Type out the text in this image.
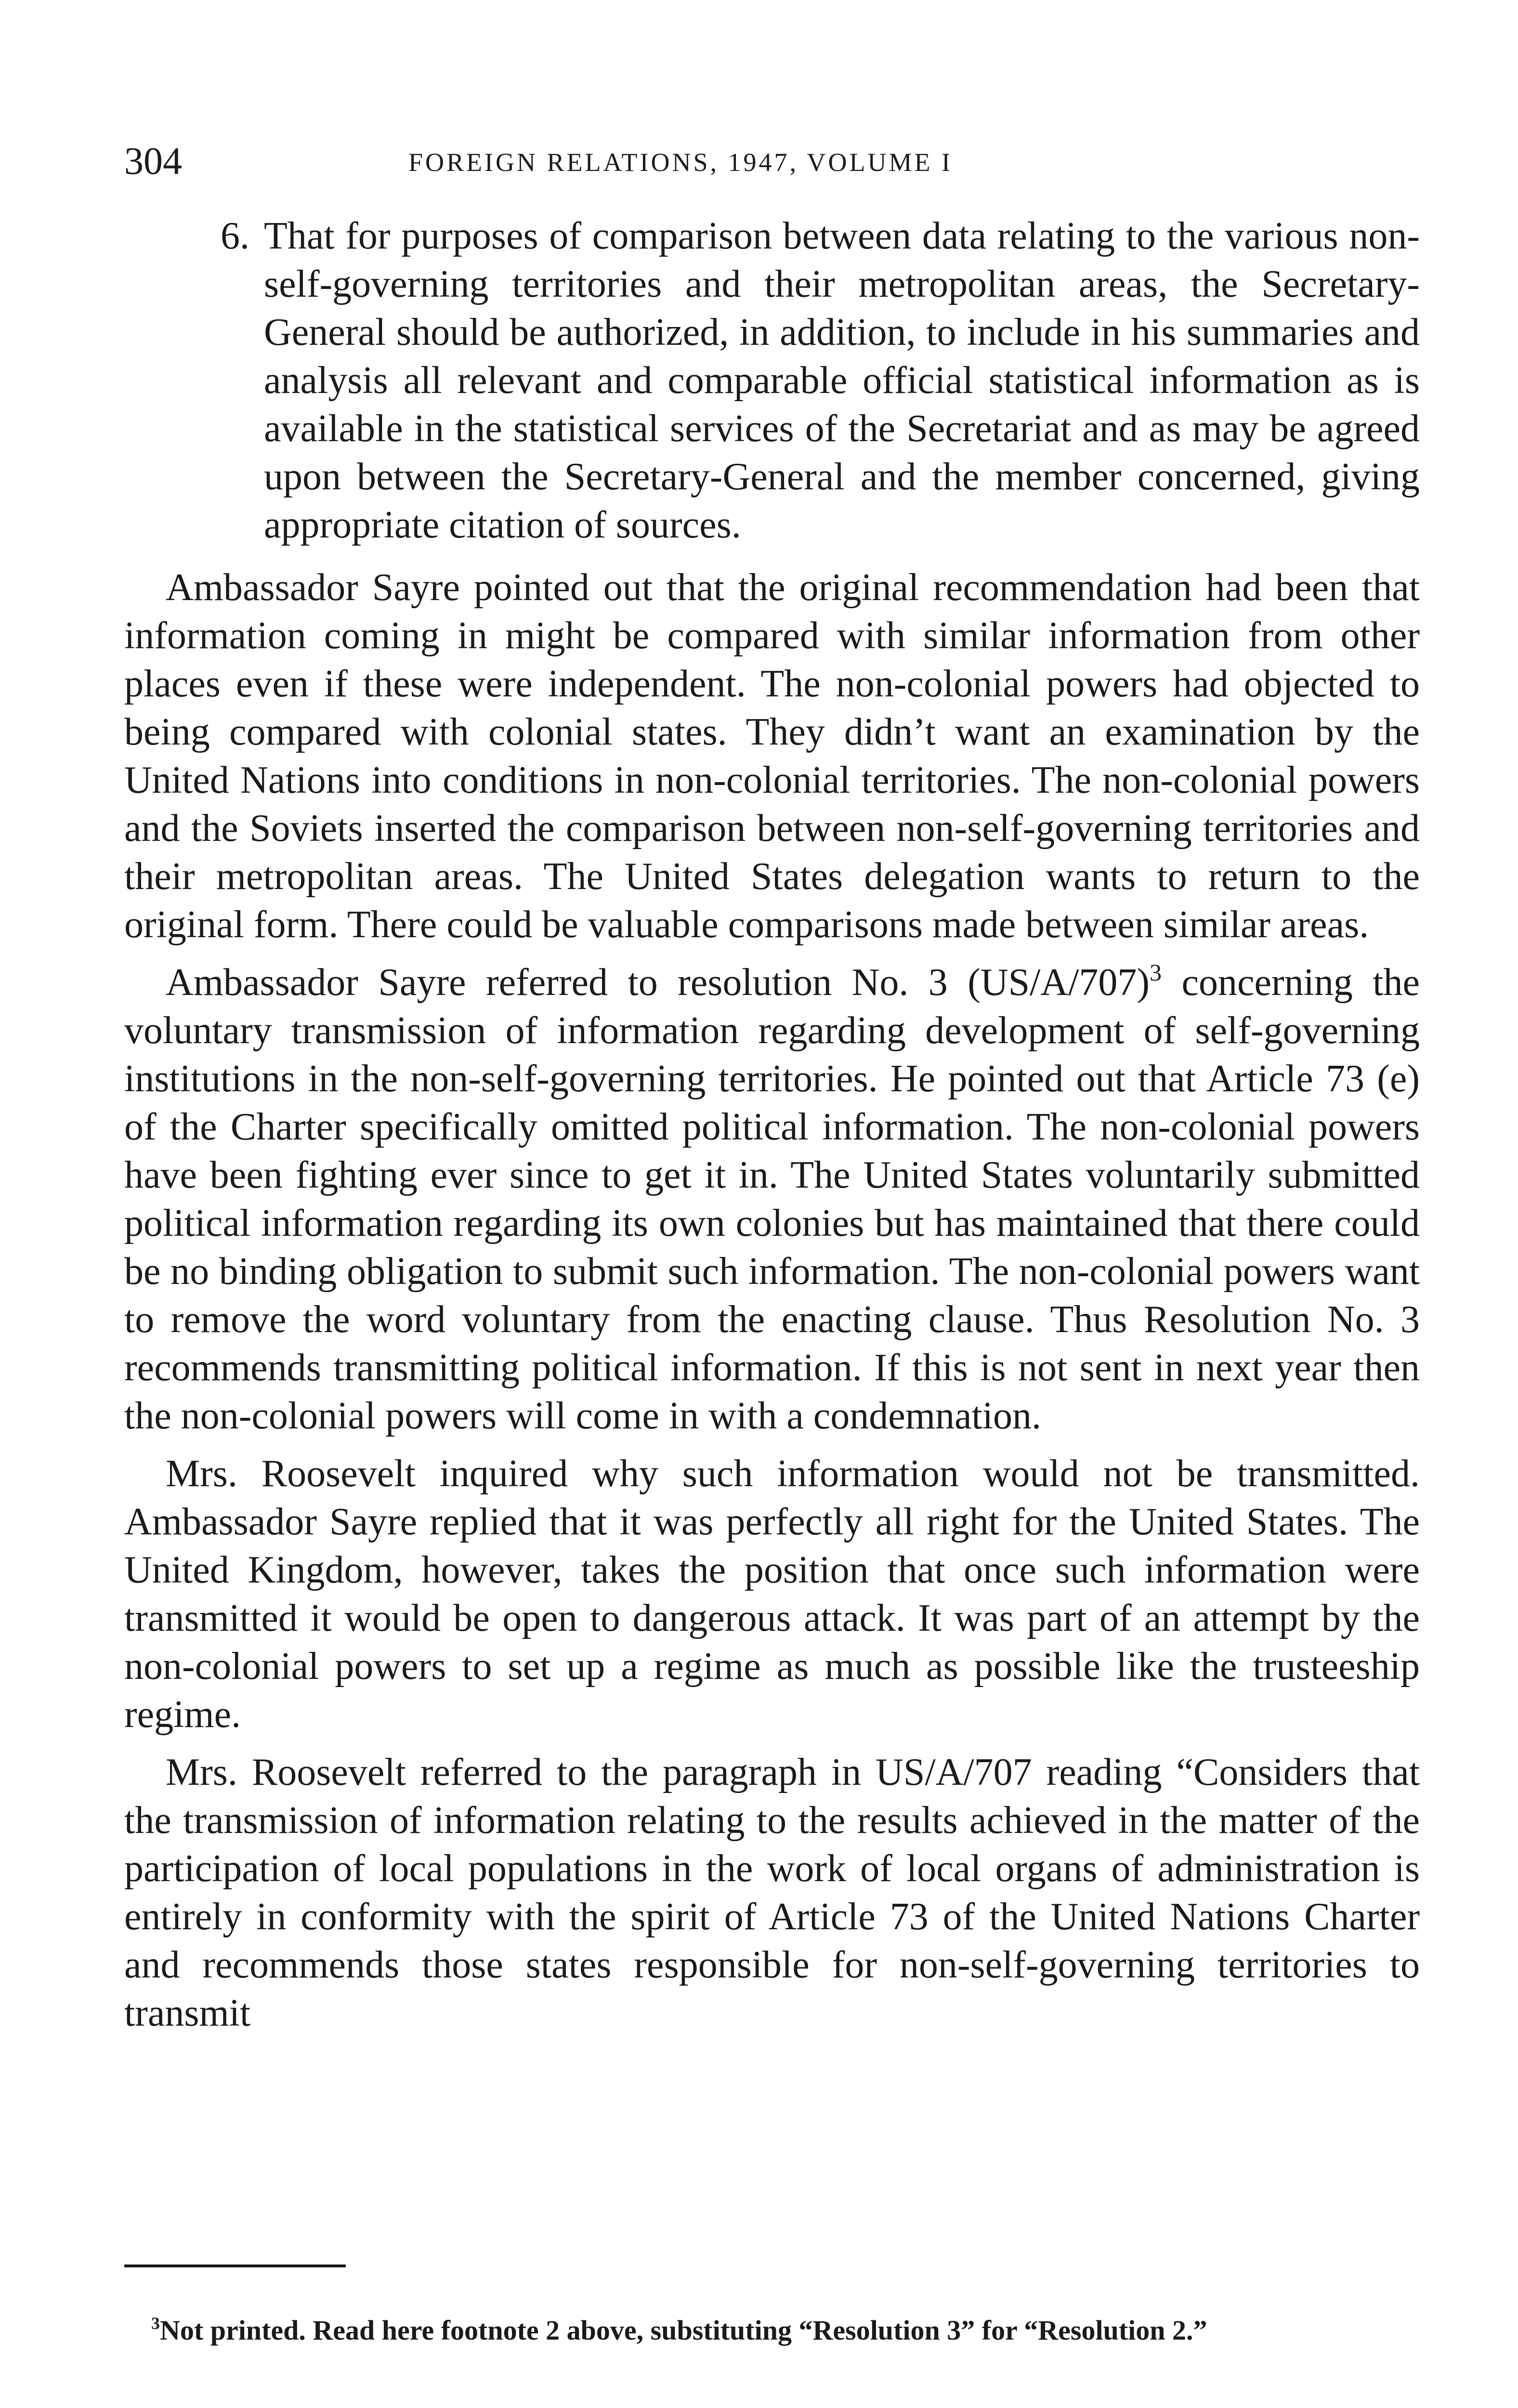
304	FOREIGN RELATIONS, 1947, VOLUME I

6. That for purposes of comparison between data relating to the various non-self-governing territories and their metropolitan areas, the Secretary-General should be authorized, in addition, to include in his summaries and analysis all relevant and comparable official statistical information as is available in the statistical services of the Secretariat and as may be agreed upon between the Secretary-General and the member concerned, giving appropriate citation of sources.

Ambassador Sayre pointed out that the original recommendation had been that information coming in might be compared with similar information from other places even if these were independent. The non-colonial powers had objected to being compared with colonial states. They didn’t want an examination by the United Nations into conditions in non-colonial territories. The non-colonial powers and the Soviets inserted the comparison between non-self-governing territories and their metropolitan areas. The United States delegation wants to return to the original form. There could be valuable comparisons made between similar areas.

Ambassador Sayre referred to resolution No. 3 (US/A/707)$^3$ concerning the voluntary transmission of information regarding development of self-governing institutions in the non-self-governing territories. He pointed out that Article 73 (e) of the Charter specifically omitted political information. The non-colonial powers have been fighting ever since to get it in. The United States voluntarily submitted political information regarding its own colonies but has maintained that there could be no binding obligation to submit such information. The non-colonial powers want to remove the word voluntary from the enacting clause. Thus Resolution No. 3 recommends transmitting political information. If this is not sent in next year then the non-colonial powers will come in with a condemnation.

Mrs. Roosevelt inquired why such information would not be transmitted. Ambassador Sayre replied that it was perfectly all right for the United States. The United Kingdom, however, takes the position that once such information were transmitted it would be open to dangerous attack. It was part of an attempt by the non-colonial powers to set up a regime as much as possible like the trusteeship regime.

Mrs. Roosevelt referred to the paragraph in US/A/707 reading “Considers that the transmission of information relating to the results achieved in the matter of the participation of local populations in the work of local organs of administration is entirely in conformity with the spirit of Article 73 of the United Nations Charter and recommends those states responsible for non-self-governing territories to transmit

$^3$Not printed. Read here footnote 2 above, substituting “Resolution 3” for “Resolution 2.”
